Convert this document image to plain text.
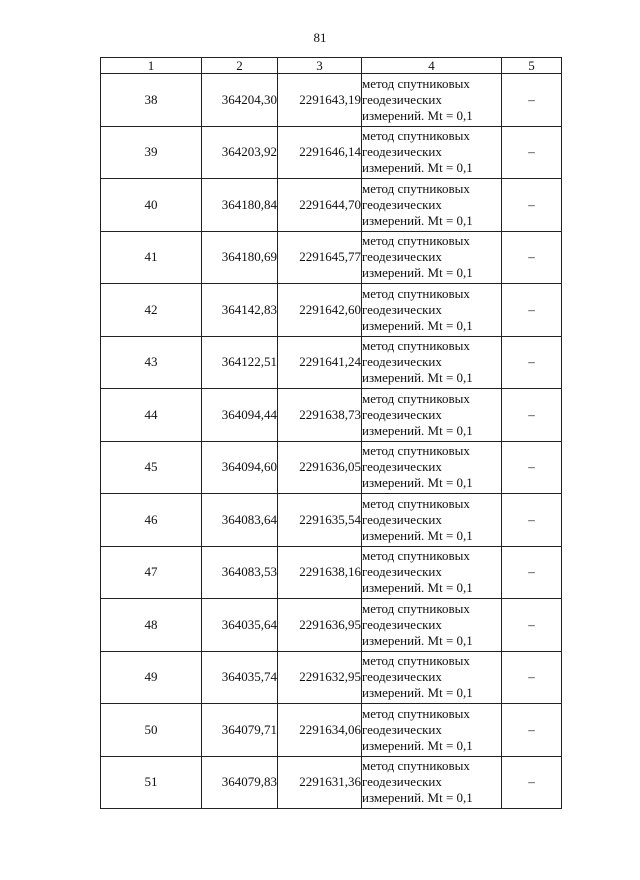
81
1	2	3	4	5
38	364204,30	2291643,19	метод спутниковых
геодезических
измерений. Mt = 0,1	–
39	364203,92	2291646,14	метод спутниковых
геодезических
измерений. Mt = 0,1	–
40	364180,84	2291644,70	метод спутниковых
геодезических
измерений. Mt = 0,1	–
41	364180,69	2291645,77	метод спутниковых
геодезических
измерений. Mt = 0,1	–
42	364142,83	2291642,60	метод спутниковых
геодезических
измерений. Mt = 0,1	–
43	364122,51	2291641,24	метод спутниковых
геодезических
измерений. Mt = 0,1	–
44	364094,44	2291638,73	метод спутниковых
геодезических
измерений. Mt = 0,1	–
45	364094,60	2291636,05	метод спутниковых
геодезических
измерений. Mt = 0,1	–
46	364083,64	2291635,54	метод спутниковых
геодезических
измерений. Mt = 0,1	–
47	364083,53	2291638,16	метод спутниковых
геодезических
измерений. Mt = 0,1	–
48	364035,64	2291636,95	метод спутниковых
геодезических
измерений. Mt = 0,1	–
49	364035,74	2291632,95	метод спутниковых
геодезических
измерений. Mt = 0,1	–
50	364079,71	2291634,06	метод спутниковых
геодезических
измерений. Mt = 0,1	–
51	364079,83	2291631,36	метод спутниковых
геодезических
измерений. Mt = 0,1	–
